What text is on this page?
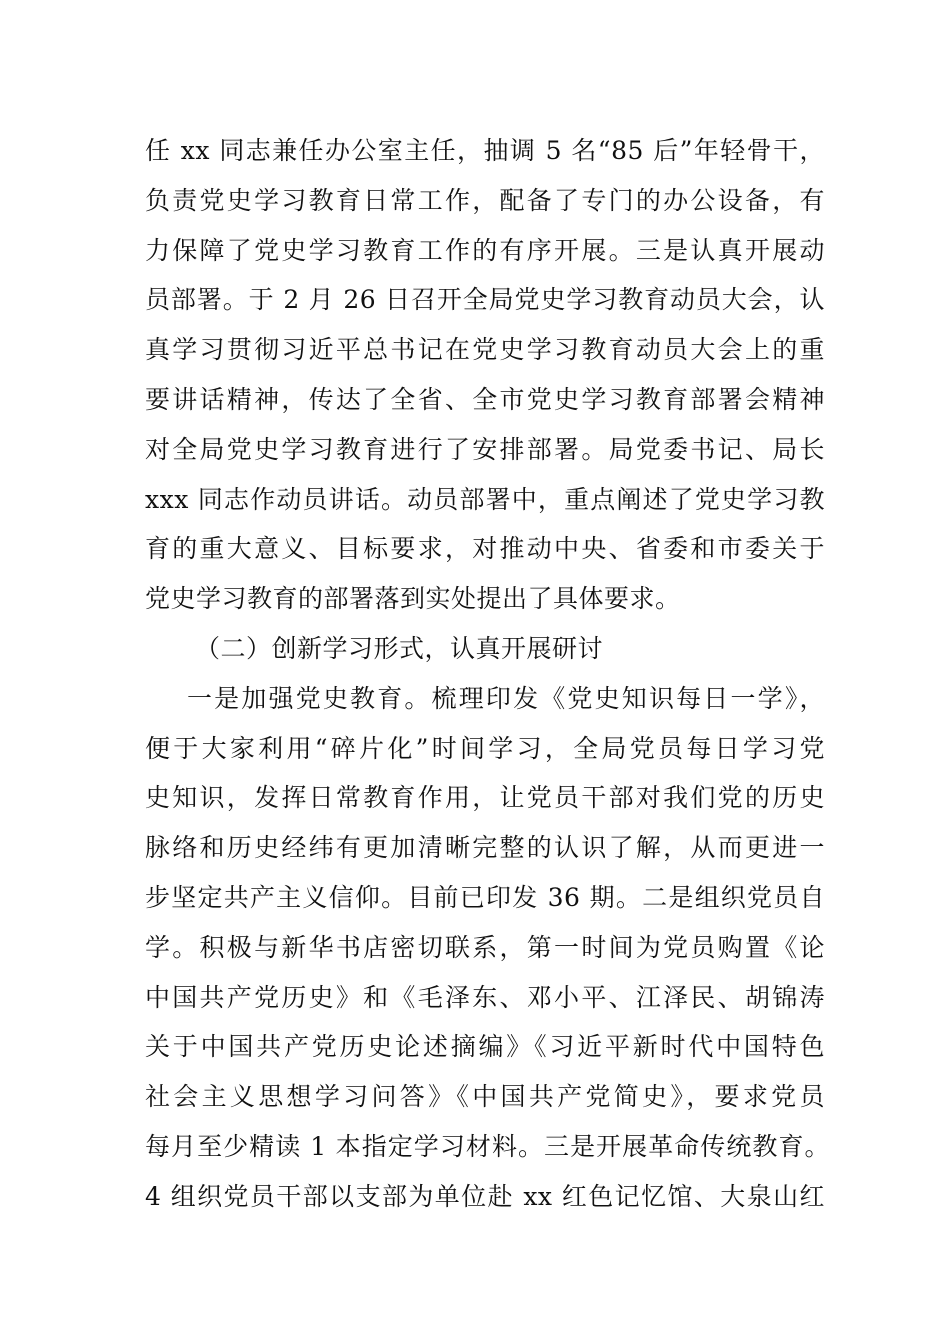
任 xx 同志兼任办公室主任，抽调 5 名“85 后”年轻骨干，
负责党史学习教育日常工作，配备了专门的办公设备，有
力保障了党史学习教育工作的有序开展。三是认真开展动
员部署。于 2 月 26 日召开全局党史学习教育动员大会，认
真学习贯彻习近平总书记在党史学习教育动员大会上的重
要讲话精神，传达了全省、全市党史学习教育部署会精神
对全局党史学习教育进行了安排部署。局党委书记、局长
xxx 同志作动员讲话。动员部署中，重点阐述了党史学习教
育的重大意义、目标要求，对推动中央、省委和市委关于
党史学习教育的部署落到实处提出了具体要求。
（二）创新学习形式，认真开展研讨
一是加强党史教育。梳理印发《党史知识每日一学》，
便于大家利用“碎片化”时间学习，全局党员每日学习党
史知识，发挥日常教育作用，让党员干部对我们党的历史
脉络和历史经纬有更加清晰完整的认识了解，从而更进一
步坚定共产主义信仰。目前已印发 36 期。二是组织党员自
学。积极与新华书店密切联系，第一时间为党员购置《论
中国共产党历史》和《毛泽东、邓小平、江泽民、胡锦涛
关于中国共产党历史论述摘编》《习近平新时代中国特色
社会主义思想学习问答》《中国共产党简史》，要求党员
每月至少精读 1 本指定学习材料。三是开展革命传统教育。
4 组织党员干部以支部为单位赴 xx 红色记忆馆、大泉山红
